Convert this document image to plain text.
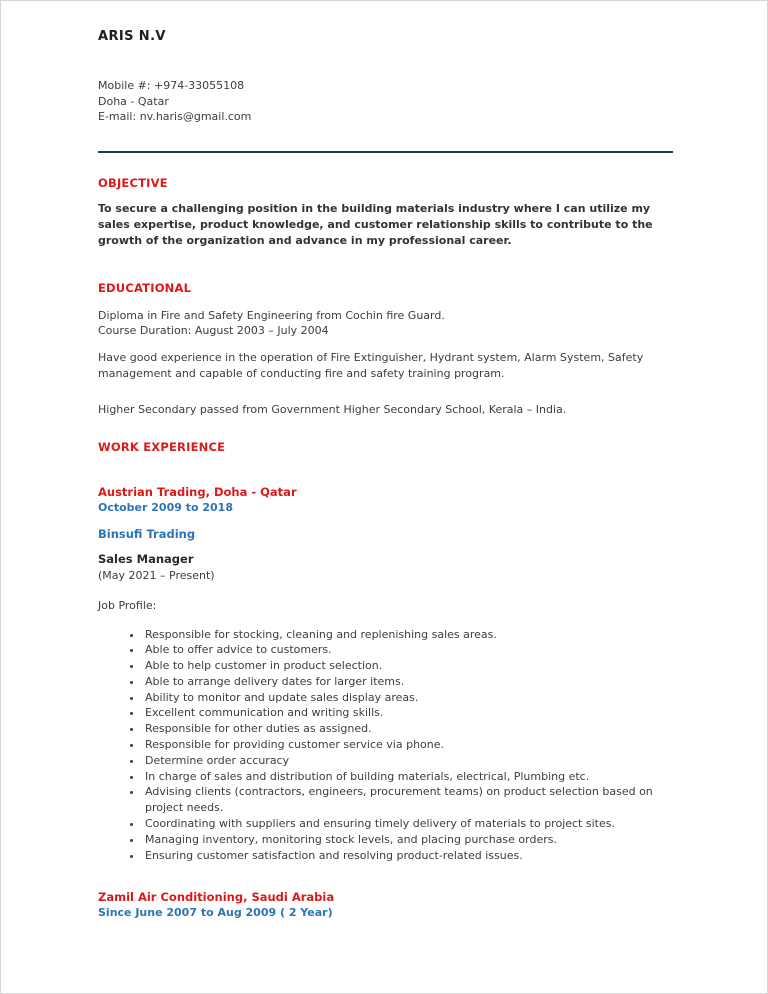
ARIS N.V
Mobile #: +974-33055108
Doha - Qatar
E-mail: nv.haris@gmail.com
OBJECTIVE
To secure a challenging position in the building materials industry where I can utilize my sales expertise, product knowledge, and customer relationship skills to contribute to the growth of the organization and advance in my professional career.
EDUCATIONAL
Diploma in Fire and Safety Engineering from Cochin fire Guard.
Course Duration: August 2003 – July 2004
Have good experience in the operation of Fire Extinguisher, Hydrant system, Alarm System, Safety management and capable of conducting fire and safety training program.
Higher Secondary passed from Government Higher Secondary School, Kerala – India.
WORK EXPERIENCE
Austrian Trading, Doha - Qatar
October 2009 to 2018
Binsufi Trading
Sales Manager
(May 2021 – Present)
Job Profile:
• Responsible for stocking, cleaning and replenishing sales areas.
• Able to offer advice to customers.
• Able to help customer in product selection.
• Able to arrange delivery dates for larger items.
• Ability to monitor and update sales display areas.
• Excellent communication and writing skills.
• Responsible for other duties as assigned.
• Responsible for providing customer service via phone.
• Determine order accuracy
• In charge of sales and distribution of building materials, electrical, Plumbing etc.
• Advising clients (contractors, engineers, procurement teams) on product selection based on project needs.
• Coordinating with suppliers and ensuring timely delivery of materials to project sites.
• Managing inventory, monitoring stock levels, and placing purchase orders.
• Ensuring customer satisfaction and resolving product-related issues.
Zamil Air Conditioning, Saudi Arabia
Since June 2007 to Aug 2009 ( 2 Year)
